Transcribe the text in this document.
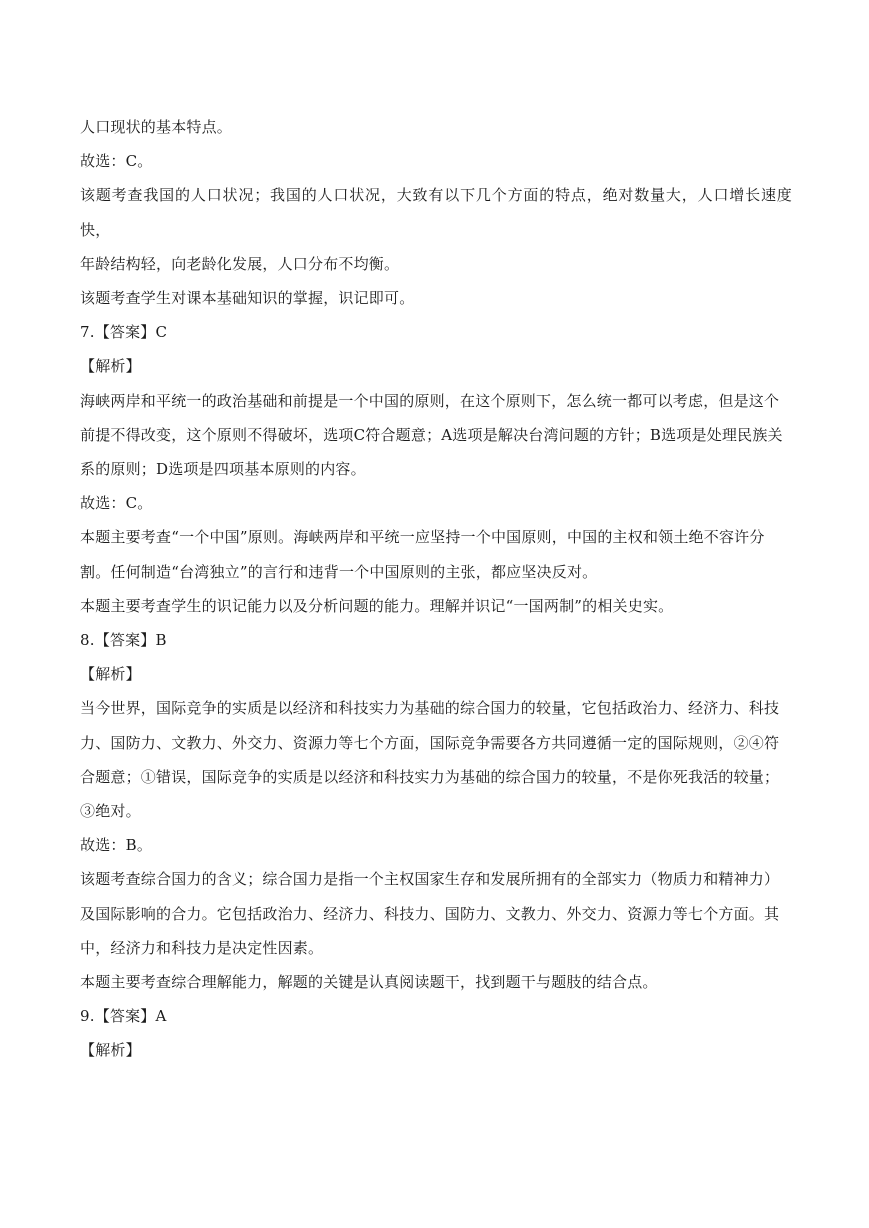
人口现状的基本特点。
故选：C。
该题考查我国的人口状况；我国的人口状况，大致有以下几个方面的特点，绝对数量大，人口增长速度快，
年龄结构轻，向老龄化发展，人口分布不均衡。
该题考查学生对课本基础知识的掌握，识记即可。
7.【答案】C
【解析】
海峡两岸和平统一的政治基础和前提是一个中国的原则，在这个原则下，怎么统一都可以考虑，但是这个
前提不得改变，这个原则不得破坏，选项C符合题意；A选项是解决台湾问题的方针；B选项是处理民族关
系的原则；D选项是四项基本原则的内容。
故选：C。
本题主要考查“一个中国”原则。海峡两岸和平统一应坚持一个中国原则，中国的主权和领土绝不容许分
割。任何制造“台湾独立”的言行和违背一个中国原则的主张，都应坚决反对。
本题主要考查学生的识记能力以及分析问题的能力。理解并识记“一国两制”的相关史实。
8.【答案】B
【解析】
当今世界，国际竞争的实质是以经济和科技实力为基础的综合国力的较量，它包括政治力、经济力、科技
力、国防力、文教力、外交力、资源力等七个方面，国际竞争需要各方共同遵循一定的国际规则，②④符
合题意；①错误，国际竞争的实质是以经济和科技实力为基础的综合国力的较量，不是你死我活的较量；
③绝对。
故选：B。
该题考查综合国力的含义；综合国力是指一个主权国家生存和发展所拥有的全部实力（物质力和精神力）
及国际影响的合力。它包括政治力、经济力、科技力、国防力、文教力、外交力、资源力等七个方面。其
中，经济力和科技力是决定性因素。
本题主要考查综合理解能力，解题的关键是认真阅读题干，找到题干与题肢的结合点。
9.【答案】A
【解析】
